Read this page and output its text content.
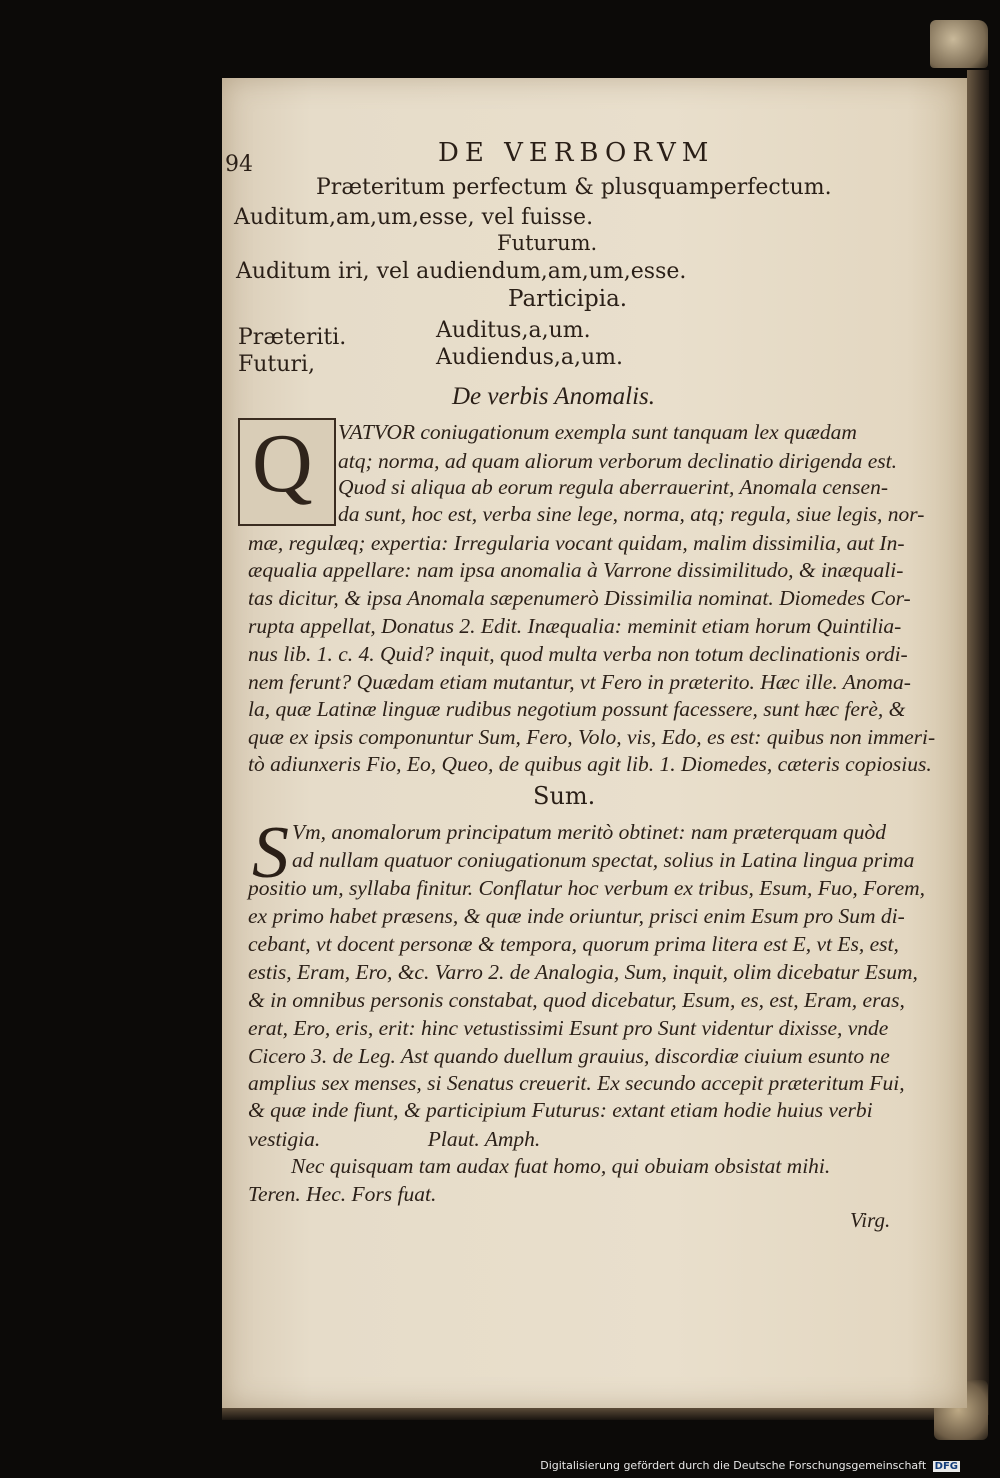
94	DE VERBORVM
Præteritum perfectum & plusquamperfectum.
Auditum,am,um,esse, vel fuisse.
Futurum.
Auditum iri, vel audiendum,am,um,esse.
Participia.
Præteriti.	Auditus,a,um.
Futuri,	Audiendus,a,um.
De verbis Anomalis.
Q VATVOR coniugationum exempla sunt tanquam lex quædam
atq; norma, ad quam aliorum verborum declinatio dirigenda est.
Quod si aliqua ab eorum regula aberrauerint, Anomala censen-
da sunt, hoc est, verba sine lege, norma, atq; regula, siue legis, nor-
mæ, regulæq; expertia: Irregularia vocant quidam, malim dissimilia, aut In-
æqualia appellare: nam ipsa anomalia à Varrone dissimilitudo, & inæquali-
tas dicitur, & ipsa Anomala sæpenumerò Dissimilia nominat. Diomedes Cor-
rupta appellat, Donatus 2. Edit. Inæqualia: meminit etiam horum Quintilia-
nus lib. 1. c. 4. Quid? inquit, quod multa verba non totum declinationis ordi-
nem ferunt? Quædam etiam mutantur, vt Fero in præterito. Hæc ille. Anoma-
la, quæ Latinæ linguæ rudibus negotium possunt facessere, sunt hæc ferè, &
quæ ex ipsis componuntur Sum, Fero, Volo, vis, Edo, es est: quibus non immeri-
tò adiunxeris Fio, Eo, Queo, de quibus agit lib. 1. Diomedes, cæteris copiosius.
Sum.
S Vm, anomalorum principatum meritò obtinet: nam præterquam quòd
ad nullam quatuor coniugationum spectat, solius in Latina lingua prima
positio um, syllaba finitur. Conflatur hoc verbum ex tribus, Esum, Fuo, Forem,
ex primo habet præsens, & quæ inde oriuntur, prisci enim Esum pro Sum di-
cebant, vt docent personæ & tempora, quorum prima litera est E, vt Es, est,
estis, Eram, Ero, &c. Varro 2. de Analogia, Sum, inquit, olim dicebatur Esum,
& in omnibus personis constabat, quod dicebatur, Esum, es, est, Eram, eras,
erat, Ero, eris, erit: hinc vetustissimi Esunt pro Sunt videntur dixisse, vnde
Cicero 3. de Leg. Ast quando duellum grauius, discordiæ ciuium esunto ne
amplius sex menses, si Senatus creuerit. Ex secundo accepit præteritum Fui,
& quæ inde fiunt, & participium Futurus: extant etiam hodie huius verbi
vestigia.                    Plaut. Amph.
Nec quisquam tam audax fuat homo, qui obuiam obsistat mihi.
Teren. Hec. Fors fuat.
Virg.
Digitalisierung gefördert durch die Deutsche Forschungsgemeinschaft DFG
